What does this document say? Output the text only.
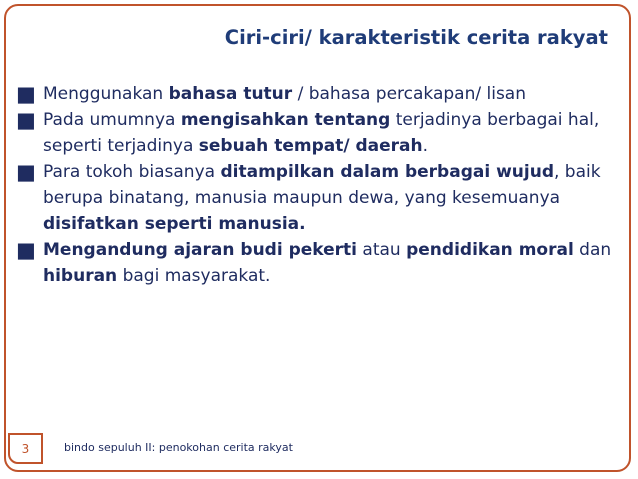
Ciri-ciri/ karakteristik cerita rakyat
■ Menggunakan bahasa tutur / bahasa percakapan/ lisan
■ Pada umumnya mengisahkan tentang terjadinya berbagai hal, seperti terjadinya sebuah tempat/ daerah.
■ Para tokoh biasanya ditampilkan dalam berbagai wujud, baik berupa binatang, manusia maupun dewa, yang kesemuanya disifatkan seperti manusia.
■ Mengandung ajaran budi pekerti atau pendidikan moral dan hiburan bagi masyarakat.
3	bindo sepuluh II: penokohan cerita rakyat
